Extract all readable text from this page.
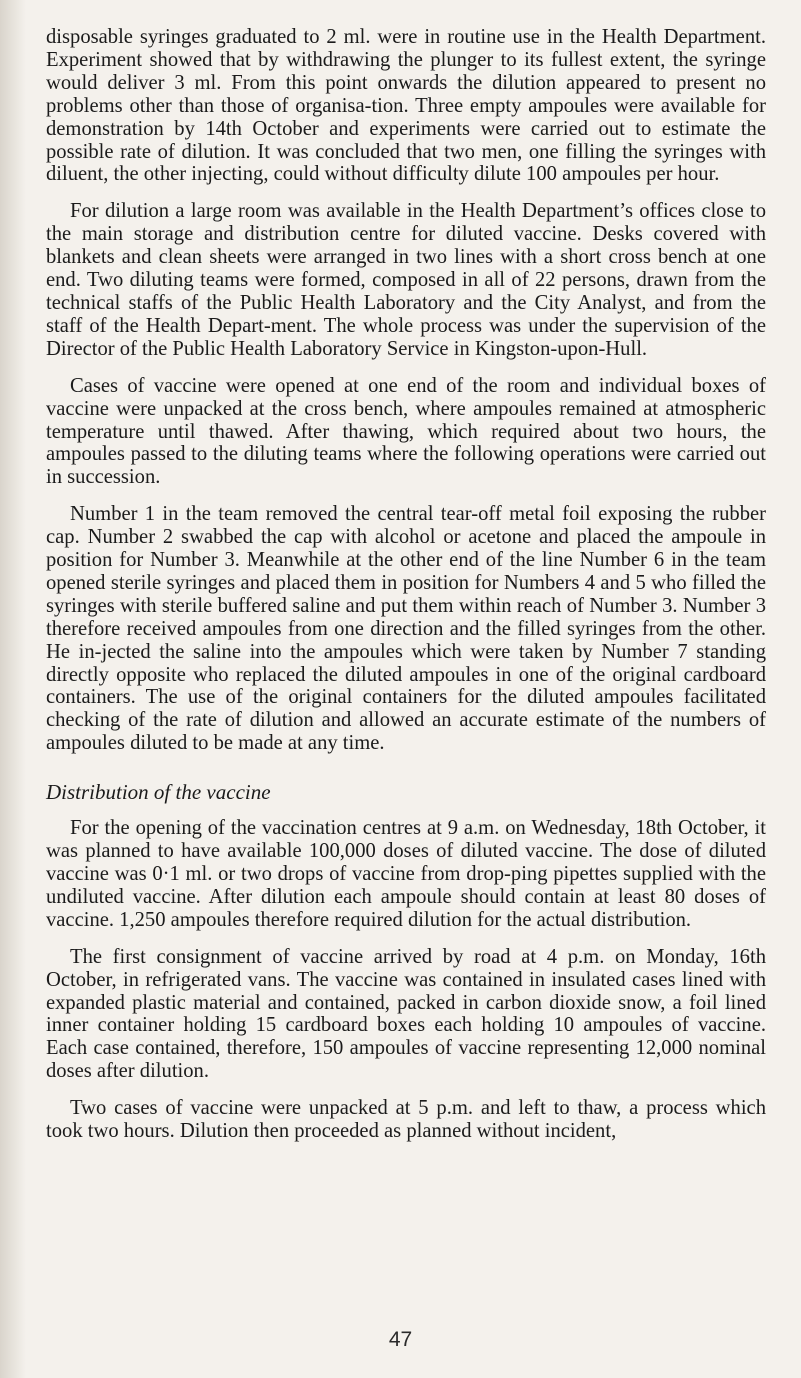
disposable syringes graduated to 2 ml. were in routine use in the Health Department. Experiment showed that by withdrawing the plunger to its fullest extent, the syringe would deliver 3 ml. From this point onwards the dilution appeared to present no problems other than those of organisa-tion. Three empty ampoules were available for demonstration by 14th October and experiments were carried out to estimate the possible rate of dilution. It was concluded that two men, one filling the syringes with diluent, the other injecting, could without difficulty dilute 100 ampoules per hour.

For dilution a large room was available in the Health Department’s offices close to the main storage and distribution centre for diluted vaccine. Desks covered with blankets and clean sheets were arranged in two lines with a short cross bench at one end. Two diluting teams were formed, composed in all of 22 persons, drawn from the technical staffs of the Public Health Laboratory and the City Analyst, and from the staff of the Health Depart-ment. The whole process was under the supervision of the Director of the Public Health Laboratory Service in Kingston-upon-Hull.

Cases of vaccine were opened at one end of the room and individual boxes of vaccine were unpacked at the cross bench, where ampoules remained at atmospheric temperature until thawed. After thawing, which required about two hours, the ampoules passed to the diluting teams where the following operations were carried out in succession.

Number 1 in the team removed the central tear-off metal foil exposing the rubber cap. Number 2 swabbed the cap with alcohol or acetone and placed the ampoule in position for Number 3. Meanwhile at the other end of the line Number 6 in the team opened sterile syringes and placed them in position for Numbers 4 and 5 who filled the syringes with sterile buffered saline and put them within reach of Number 3. Number 3 therefore received ampoules from one direction and the filled syringes from the other. He in-jected the saline into the ampoules which were taken by Number 7 standing directly opposite who replaced the diluted ampoules in one of the original cardboard containers. The use of the original containers for the diluted ampoules facilitated checking of the rate of dilution and allowed an accurate estimate of the numbers of ampoules diluted to be made at any time.

Distribution of the vaccine

For the opening of the vaccination centres at 9 a.m. on Wednesday, 18th October, it was planned to have available 100,000 doses of diluted vaccine. The dose of diluted vaccine was 0·1 ml. or two drops of vaccine from drop-ping pipettes supplied with the undiluted vaccine. After dilution each ampoule should contain at least 80 doses of vaccine. 1,250 ampoules therefore required dilution for the actual distribution.

The first consignment of vaccine arrived by road at 4 p.m. on Monday, 16th October, in refrigerated vans. The vaccine was contained in insulated cases lined with expanded plastic material and contained, packed in carbon dioxide snow, a foil lined inner container holding 15 cardboard boxes each holding 10 ampoules of vaccine. Each case contained, therefore, 150 ampoules of vaccine representing 12,000 nominal doses after dilution.

Two cases of vaccine were unpacked at 5 p.m. and left to thaw, a process which took two hours. Dilution then proceeded as planned without incident,

47
